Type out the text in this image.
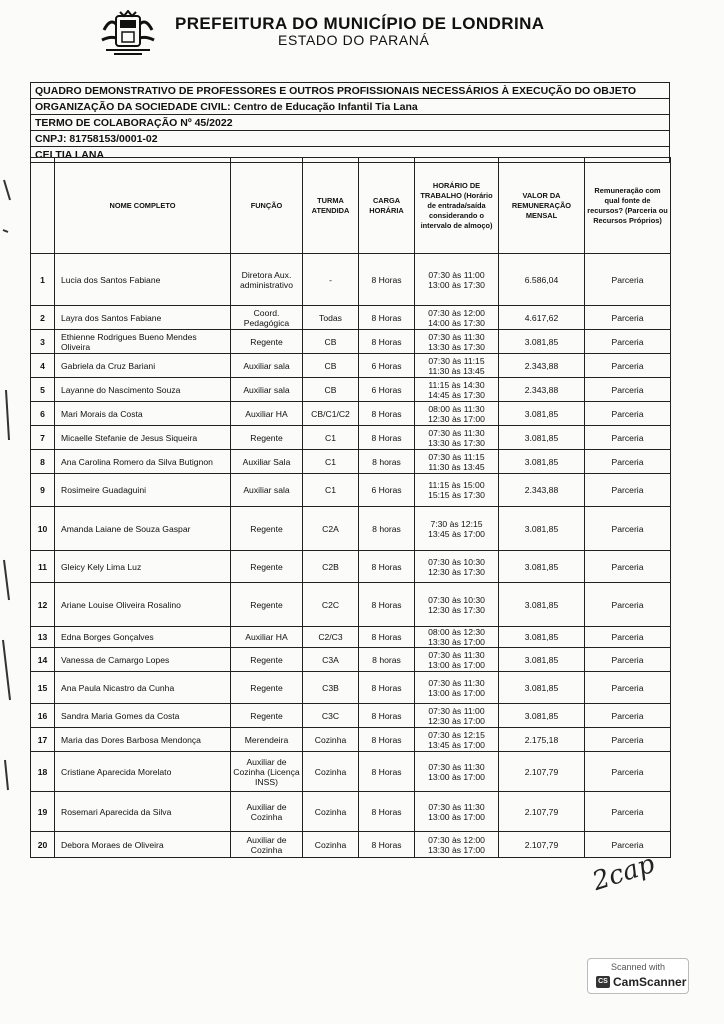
PREFEITURA DO MUNICÍPIO DE LONDRINA
ESTADO DO PARANÁ
QUADRO DEMONSTRATIVO DE PROFESSORES E OUTROS PROFISSIONAIS NECESSÁRIOS À EXECUÇÃO DO OBJETO
ORGANIZAÇÃO DA SOCIEDADE CIVIL: Centro de Educação Infantil Tia Lana
TERMO DE COLABORAÇÃO Nº 45/2022
CNPJ: 81758153/0001-02
CEI TIA LANA
	NOME COMPLETO	FUNÇÃO	TURMA ATENDIDA	CARGA HORÁRIA	HORÁRIO DE TRABALHO (Horário de entrada/saída considerando o intervalo de almoço)	VALOR DA REMUNERAÇÃO MENSAL	Remuneração com qual fonte de recursos? (Parceria ou Recursos Próprios)
1	Lucia dos Santos Fabiane	Diretora Aux. administrativo	-	8 Horas	07:30 às 11:00
13:00 às 17:30	6.586,04	Parceria
2	Layra dos Santos Fabiane	Coord. Pedagógica	Todas	8 Horas	07:30 às 12:00
14:00 às 17:30	4.617,62	Parceria
3	Ethienne Rodrigues Bueno Mendes Oliveira	Regente	CB	8 Horas	07:30 às 11:30
13:30 às 17:30	3.081,85	Parceria
4	Gabriela da Cruz Bariani	Auxiliar sala	CB	6 Horas	07:30 às 11:15
11:30 às 13:45	2.343,88	Parceria
5	Layanne do Nascimento Souza	Auxiliar sala	CB	6 Horas	11:15 às 14:30
14:45 às 17:30	2.343,88	Parceria
6	Mari Morais da Costa	Auxiliar HA	CB/C1/C2	8 Horas	08:00 às 11:30
12:30 às 17:00	3.081,85	Parceria
7	Micaelle Stefanie de Jesus Siqueira	Regente	C1	8 Horas	07:30 às 11:30
13:30 às 17:30	3.081,85	Parceria
8	Ana Carolina Romero da Silva Butignon	Auxiliar Sala	C1	8 horas	07:30 às 11:15
11:30 às 13:45	3.081,85	Parceria
9	Rosimeire Guadaguini	Auxiliar sala	C1	6 Horas	11:15 às 15:00
15:15 às 17:30	2.343,88	Parceria
10	Amanda Laiane de Souza Gaspar	Regente	C2A	8 horas	7:30 às 12:15
13:45 às 17:00	3.081,85	Parceria
11	Gleicy Kely Lima Luz	Regente	C2B	8 Horas	07:30 às 10:30
12:30 às 17:30	3.081,85	Parceria
12	Ariane Louise Oliveira Rosalino	Regente	C2C	8 Horas	07:30 às 10:30
12:30 às 17:30	3.081,85	Parceria
13	Edna Borges Gonçalves	Auxiliar HA	C2/C3	8 Horas	08:00 às 12:30
13:30 às 17:00	3.081,85	Parceria
14	Vanessa de Camargo Lopes	Regente	C3A	8 horas	07:30 às 11:30
13:00 às 17:00	3.081,85	Parceria
15	Ana Paula Nicastro da Cunha	Regente	C3B	8 Horas	07:30 às 11:30
13:00 às 17:00	3.081,85	Parceria
16	Sandra Maria Gomes da Costa	Regente	C3C	8 Horas	07:30 às 11:00
12:30 às 17:00	3.081,85	Parceria
17	Maria das Dores Barbosa Mendonça	Merendeira	Cozinha	8 Horas	07:30 às 12:15
13:45 às 17:00	2.175,18	Parceria
18	Cristiane Aparecida Morelato	Auxiliar de Cozinha (Licença INSS)	Cozinha	8 Horas	07:30 às 11:30
13:00 às 17:00	2.107,79	Parceria
19	Rosemari Aparecida da Silva	Auxiliar de Cozinha	Cozinha	8 Horas	07:30 às 11:30
13:00 às 17:00	2.107,79	Parceria
20	Debora Moraes de Oliveira	Auxiliar de Cozinha	Cozinha	8 Horas	07:30 às 12:00
13:30 às 17:00	2.107,79	Parceria
2cap
Scanned with
CS CamScanner
